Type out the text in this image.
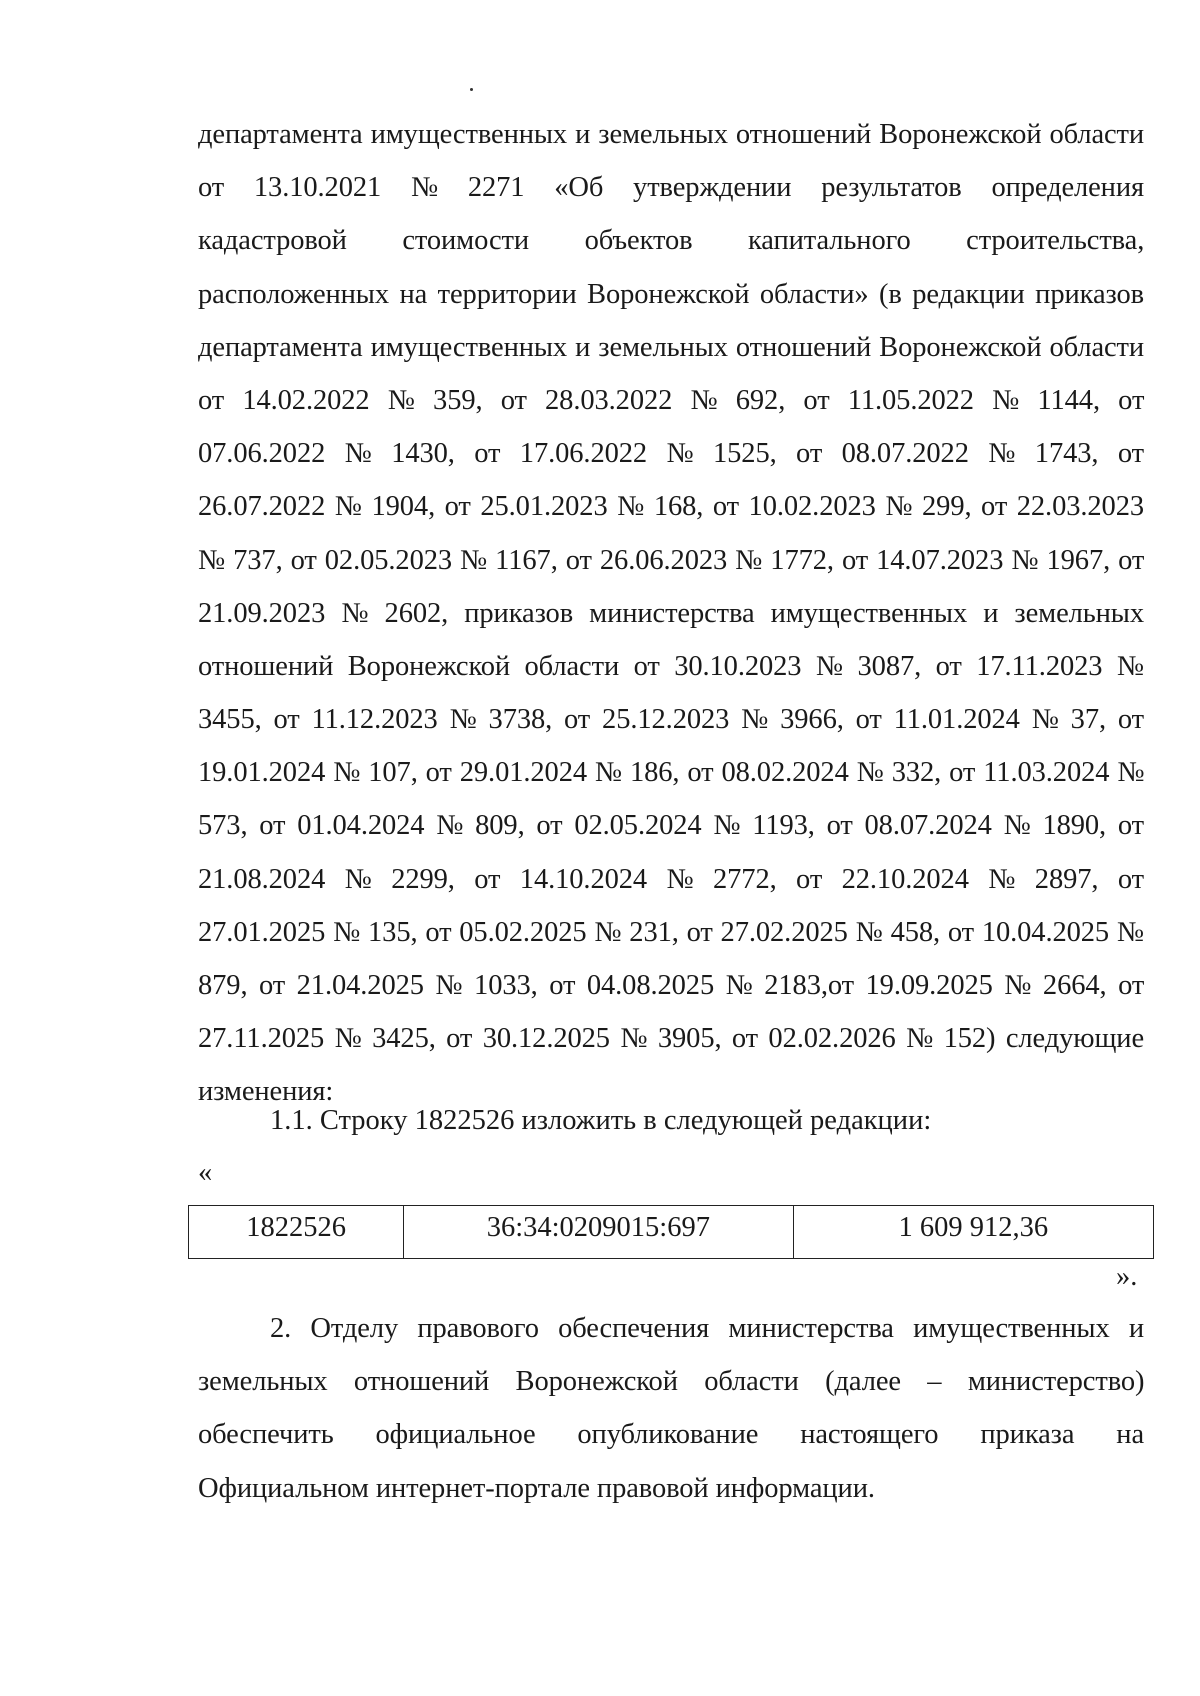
департамента имущественных и земельных отношений Воронежской области
от 13.10.2021 № 2271 «Об утверждении результатов определения
кадастровой стоимости объектов капитального строительства,
расположенных на территории Воронежской области» (в редакции приказов
департамента имущественных и земельных отношений Воронежской области
от 14.02.2022 № 359, от 28.03.2022 № 692, от 11.05.2022 № 1144, от
07.06.2022 № 1430, от 17.06.2022 № 1525, от 08.07.2022 № 1743, от
26.07.2022 № 1904, от 25.01.2023 № 168, от 10.02.2023 № 299, от 22.03.2023
№ 737, от 02.05.2023 № 1167, от 26.06.2023 № 1772, от 14.07.2023 № 1967, от
21.09.2023 № 2602, приказов министерства имущественных и земельных
отношений Воронежской области от 30.10.2023 № 3087, от 17.11.2023 №
3455, от 11.12.2023 № 3738, от 25.12.2023 № 3966, от 11.01.2024 № 37, от
19.01.2024 № 107, от 29.01.2024 № 186, от 08.02.2024 № 332, от 11.03.2024 №
573, от 01.04.2024 № 809, от 02.05.2024 № 1193, от 08.07.2024 № 1890, от
21.08.2024 № 2299, от 14.10.2024 № 2772, от 22.10.2024 № 2897, от
27.01.2025 № 135, от 05.02.2025 № 231, от 27.02.2025 № 458, от 10.04.2025 №
879, от 21.04.2025 № 1033, от 04.08.2025 № 2183,от 19.09.2025 № 2664, от
27.11.2025 № 3425, от 30.12.2025 № 3905, от 02.02.2026 № 152) следующие
изменения:
1.1. Строку 1822526 изложить в следующей редакции:
«
1822526	36:34:0209015:697	1 609 912,36
».
2. Отделу правового обеспечения министерства имущественных и
земельных отношений Воронежской области (далее – министерство)
обеспечить официальное опубликование настоящего приказа на
Официальном интернет-портале правовой информации.
